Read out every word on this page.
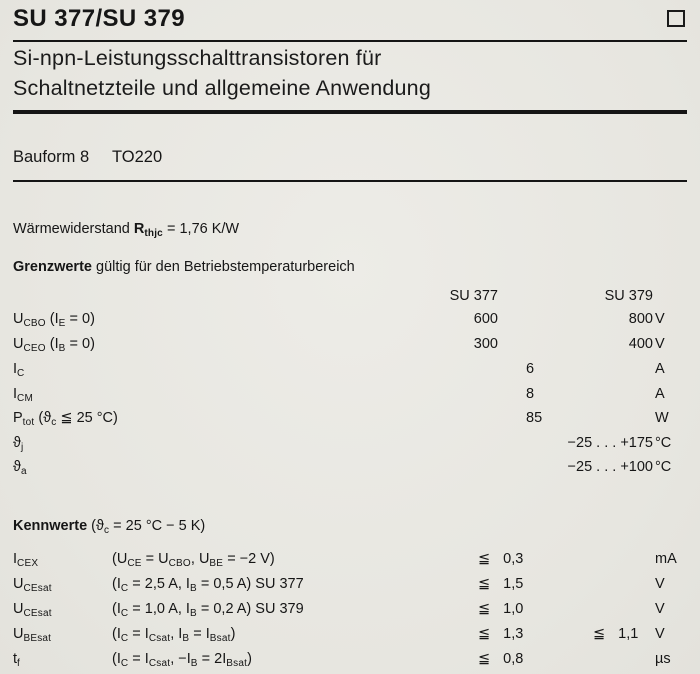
SU 377/SU 379
Si-npn-Leistungsschalttransistoren für
Schaltnetzteile und allgemeine Anwendung
Bauform 8 TO220
Wärmewiderstand $R_{thjc} = 1,76$ K/W
Grenzwerte gültig für den Betriebstemperaturbereich
SU 377	SU 379
$U_{CBO}$ $(I_E = 0)$	600	800 V
$U_{CEO}$ $(I_B = 0)$	300	400 V
$I_C$	6	A
$I_{CM}$	8	A
$P_{tot}$ ($ϑ_c$ ≦ 25 °C)	85	W
$ϑ_j$	−25 . . . +175 °C
$ϑ_a$	−25 . . . +100 °C
Kennwerte ($ϑ_c = 25$ °C − 5 K)
$I_{CEX}$	($U_{CE} = U_{CBO}$, $U_{BE} = -2$ V)	≦ 0,3	mA
$U_{CEsat}$	($I_C = 2,5$ A, $I_B = 0,5$ A) SU 377	≦ 1,5	V
$U_{CEsat}$	($I_C = 1,0$ A, $I_B = 0,2$ A) SU 379	≦ 1,0	V
$U_{BEsat}$	($I_C = I_{Csat}$, $I_B = I_{Bsat}$)	≦ 1,3	≦ 1,1 V
$t_f$	($I_C = I_{Csat}$, $-I_B = 2I_{Bsat}$)	≦ 0,8	µs
